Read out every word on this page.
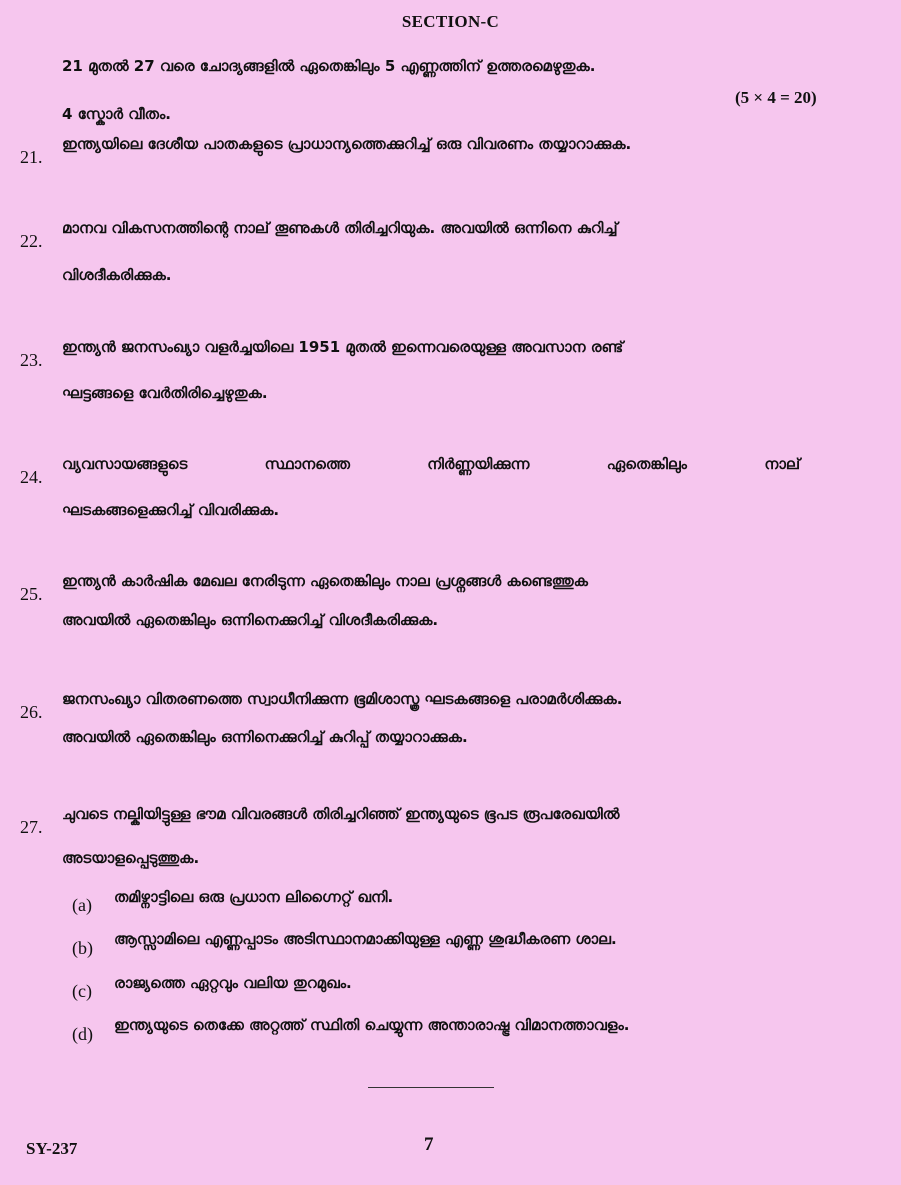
SECTION-C
21 മുതൽ 27 വരെ ചോദ്യങ്ങളിൽ ഏതെങ്കിലും 5 എണ്ണത്തിന് ഉത്തരമെഴുതുക.
4 സ്കോർ വീതം.
(5 × 4 = 20)
21.
ഇന്ത്യയിലെ ദേശീയ പാതകളുടെ പ്രാധാന്യത്തെക്കുറിച്ച് ഒരു വിവരണം തയ്യാറാക്കുക.
22.
മാനവ വികസനത്തിന്റെ നാല് തൂണുകൾ തിരിച്ചറിയുക. അവയിൽ ഒന്നിനെ കുറിച്ച്
വിശദീകരിക്കുക.
23.
ഇന്ത്യൻ ജനസംഖ്യാ വളർച്ചയിലെ 1951 മുതൽ ഇന്നെവരെയുള്ള അവസാന രണ്ട്
ഘട്ടങ്ങളെ വേർതിരിച്ചെഴുതുക.
24.
വ്യവസായങ്ങളുടെ	സ്ഥാനത്തെ	നിർണ്ണയിക്കുന്ന	ഏതെങ്കിലും	നാല്
ഘടകങ്ങളെക്കുറിച്ച് വിവരിക്കുക.
25.
ഇന്ത്യൻ കാർഷിക മേഖല നേരിടുന്ന ഏതെങ്കിലും നാല പ്രശ്നങ്ങൾ കണ്ടെത്തുക
അവയിൽ ഏതെങ്കിലും ഒന്നിനെക്കുറിച്ച് വിശദീകരിക്കുക.
26.
ജനസംഖ്യാ വിതരണത്തെ സ്വാധീനിക്കുന്ന ഭൂമിശാസ്ത്ര ഘടകങ്ങളെ പരാമർശിക്കുക.
അവയിൽ ഏതെങ്കിലും ഒന്നിനെക്കുറിച്ച് കുറിപ്പ് തയ്യാറാക്കുക.
27.
ചുവടെ നല്കിയിട്ടുള്ള ഭൗമ വിവരങ്ങൾ തിരിച്ചറിഞ്ഞ് ഇന്ത്യയുടെ ഭൂപട രൂപരേഖയിൽ
അടയാളപ്പെടുത്തുക.
(a) തമിഴ്നാട്ടിലെ ഒരു പ്രധാന ലിഗ്നൈറ്റ് ഖനി.
(b) ആസ്സാമിലെ എണ്ണപ്പാടം അടിസ്ഥാനമാക്കിയുള്ള എണ്ണ ശുദ്ധീകരണ ശാല.
(c) രാജ്യത്തെ ഏറ്റവും വലിയ തുറമുഖം.
(d) ഇന്ത്യയുടെ തെക്കേ അറ്റത്ത് സ്ഥിതി ചെയ്യുന്ന അന്താരാഷ്ട്ര വിമാനത്താവളം.
SY-237	7
